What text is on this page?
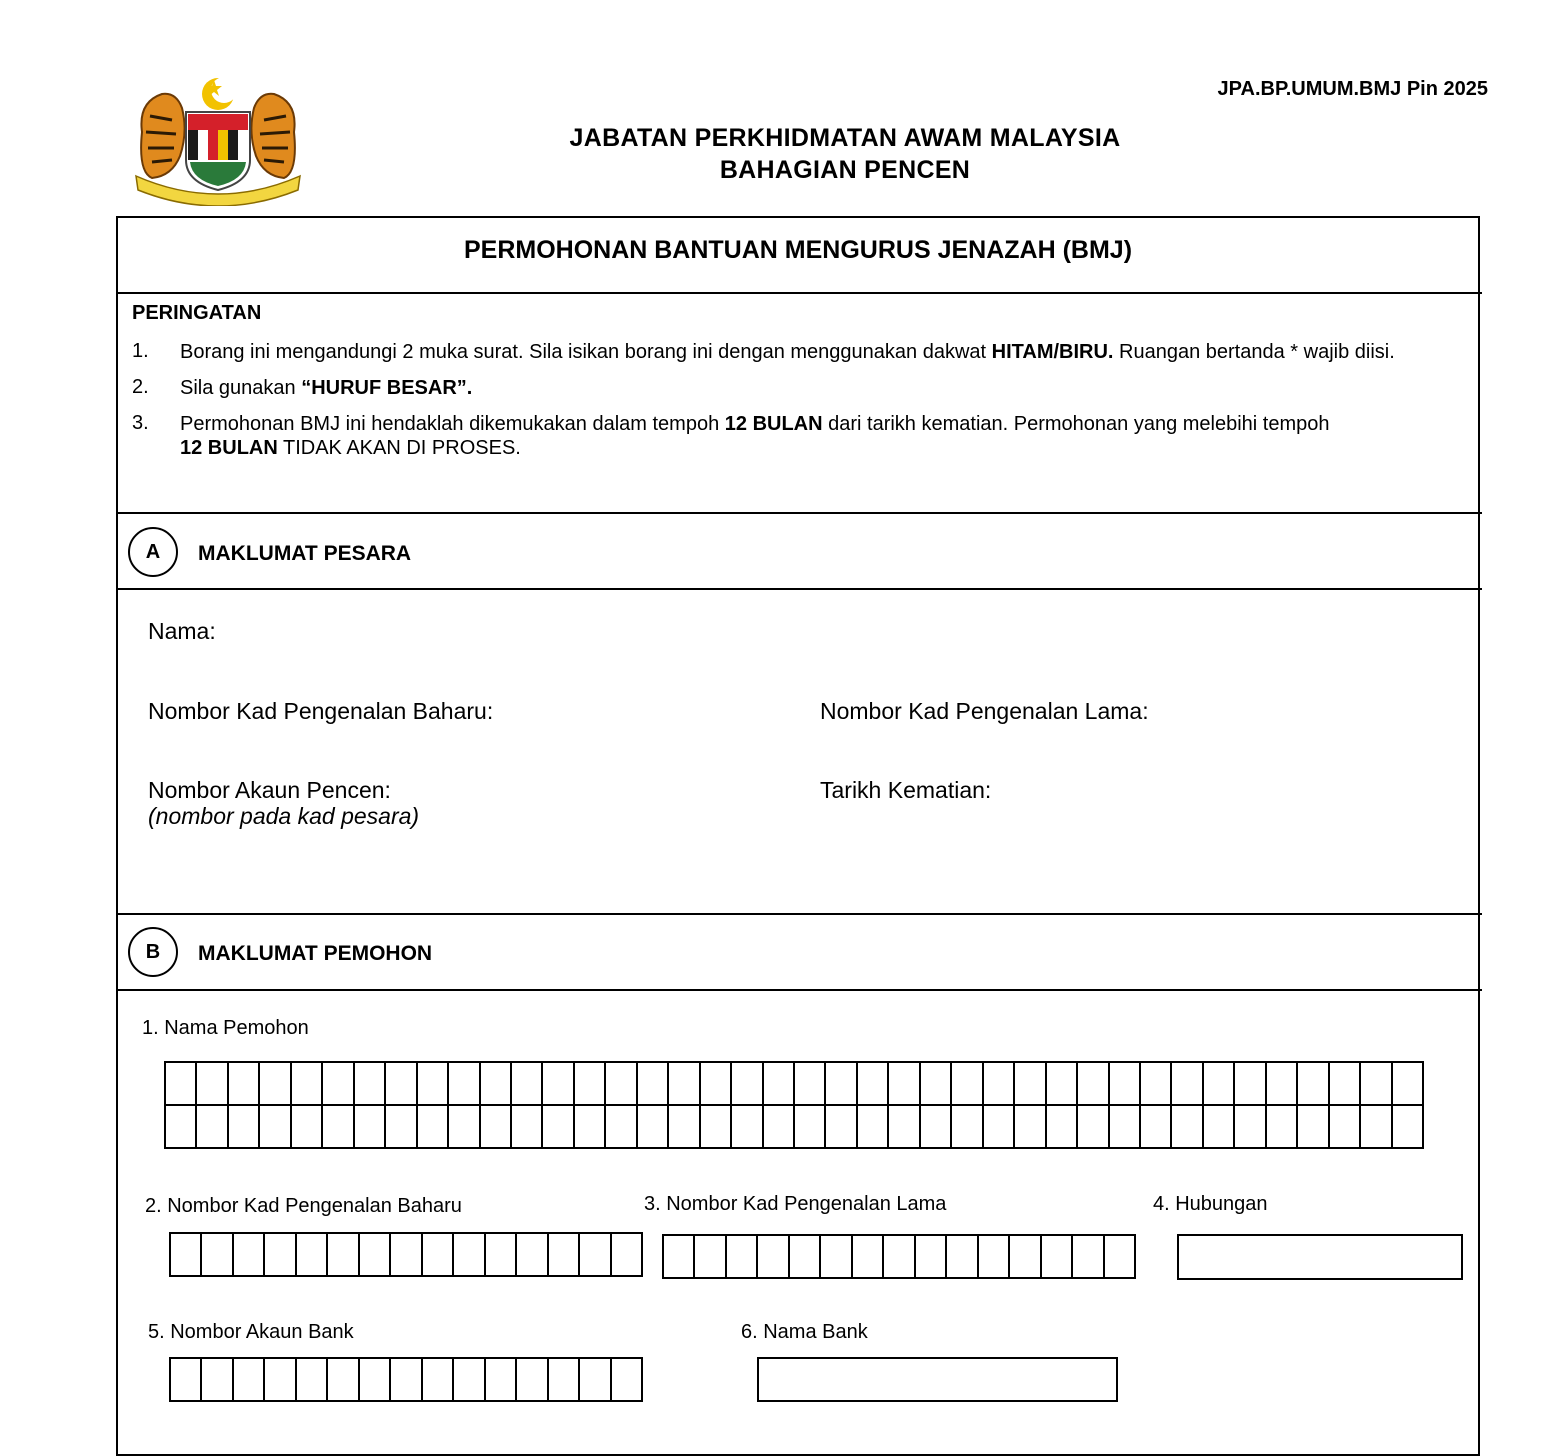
JPA.BP.UMUM.BMJ Pin 2025
JABATAN PERKHIDMATAN AWAM MALAYSIA
BAHAGIAN PENCEN
PERMOHONAN BANTUAN MENGURUS JENAZAH (BMJ)
PERINGATAN
1. Borang ini mengandungi 2 muka surat. Sila isikan borang ini dengan menggunakan dakwat HITAM/BIRU. Ruangan bertanda * wajib diisi.
2. Sila gunakan “HURUF BESAR”.
3. Permohonan BMJ ini hendaklah dikemukakan dalam tempoh 12 BULAN dari tarikh kematian. Permohonan yang melebihi tempoh
12 BULAN TIDAK AKAN DI PROSES.
A	MAKLUMAT PESARA
Nama:
Nombor Kad Pengenalan Baharu:	Nombor Kad Pengenalan Lama:
Nombor Akaun Pencen:
(nombor pada kad pesara)
Tarikh Kematian:
B	MAKLUMAT PEMOHON
1. Nama Pemohon
2. Nombor Kad Pengenalan Baharu	3. Nombor Kad Pengenalan Lama	4. Hubungan
5. Nombor Akaun Bank	6. Nama Bank
